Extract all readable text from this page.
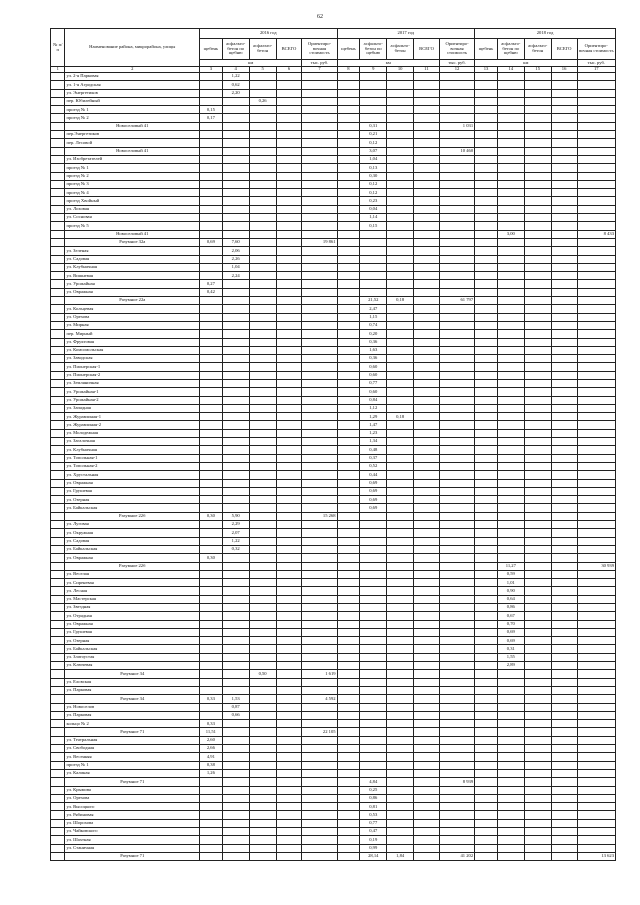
62
№ п/п	Наименование района, микрорайона, улицы	2016 год					2017 год					2018 год				
		щебень	асфальто-бетон по щебню	асфальто-бетон	ВСЕГО	Ориентиро-вочная стоимость	щебень	асфальто-бетон по щебню	асфальто-бетон	ВСЕГО	Ориентиро-вочная стоимость	щебень	асфальто-бетон по щебню	асфальто-бетон	ВСЕГО	Ориентиро-вочная стоимость
		км				тыс. руб.	км				тыс. руб.	км				тыс. руб.
1	2	3	4	5	6	7	8	9	10	11	12	13	14	15	16	17
	ул. 2-я Парковая		1,22													
	ул. 1-я Агродская		0,62													
	ул. Энергетиков		2,20													
	пер. Юбилейный			0,26												
	проезд № 1	0,15														
	проезд № 2	0,17														
	Новоселовый 41							0,31			1 031					
	пер.Энергетиков							0,21								
	пер. Лесовой							0,12								
	Новоселовый 41							3,07			10 460					
	ул. Изобретателей							1,04								
	проезд № 1							0,13								
	проезд № 2							0,30								
	проезд № 3							0,12								
	проезд № 4							0,12								
	проезд Хвойный							0,23								
	ул. Лоховая							0,04								
	ул. Сосновая							1,14								
	проезд № 5							0,15								
	Новоселовый 41												3,00			8 433
	Разумное 32а	0,69	7,60			19 861										
	ул. Зеленая		2,06													
	ул. Садовая		2,26													
	ул. Клубничная		1,04													
	ул. Вишневая		2,24													
	ул. Урожайная	0,27														
	ул. Овражная	0,42														
	Разумное 22а							21,52	0,18		61 797					
	ул. Кольцевая							2,47								
	ул. Орехова							1,15								
	ул. Мирная							0,74								
	пер. Мирный							0,20								
	ул. Фруктовая							0,36								
	ул. Комсомольская							1,63								
	ул. Заводская							0,36								
	ул. Пионерская-1							0,60								
	ул. Пионерская-2							0,60								
	ул. Земляничная							0,77								
	ул. Урожайная-1							0,60								
	ул. Урожайная-2							0,84								
	ул. Западная							1,12								
	ул. Журавлиная-1							1,29	0,18							
	ул. Журавлиная-2							1,47								
	ул. Молодежная							1,23								
	ул. Загалочная							1,34								
	ул. Клубничная							0,48								
	ул. Топольная-1							0,37								
	ул. Топольная-2							0,52								
	ул. Хрустальная							0,44								
	ул. Овражная							0,69								
	ул. Грушевая							0,69								
	ул. Озерная							0,69								
	ул. Байкальская							0,69								
	Разумное 22б	0,30	5,90			15 268										
	ул. Луговая		2,29													
	ул. Окружная		2,07													
	ул. Садовая		1,22													
	ул. Байкальская		0,32													
	ул. Овражная	0,30														
	Разумное 22б												11,27			30 939
	ул. Веселая												0,59			
	ул. Сиреневая												1,01			
	ул. Лесная												0,90			
	ул. Мастерская												0,64			
	ул. Звездная												0,86			
	ул. Отрадная												0,67			
	ул. Овражная												0,70			
	ул. Грушевая												0,69			
	ул. Озерная												0,69			
	ул. Байкальская												0,31			
	ул. Златоустая												1,55			
	ул. Ключевая												2,89			
	Разумное 34			0,50		1 619										
	ул. Еловская															
	ул. Парковая															
	Разумное 34	0,33	1,53			4 592										
	ул. Новоселов		0,87													
	ул. Парковая		0,66													
	кольцо № 2	0,33														
	Разумное 71	11,51				22 105										
	ул. Театральная	2,60														
	ул. Свободная	2,66														
	ул. Весенняя	4,91														
	проезд № 1	0,38														
	ул. Калиная	1,26														
	Разумное 71							4,84			8 939					
	ул. Крымова							0,25								
	ул. Орехова							0,86								
	ул. Высоцкого							0,81								
	ул. Рябиновая							0,53								
	ул. Шорохова							0,77								
	ул. Чайковского							0,47								
	ул. Шахтная							0,19								
	ул. Станичная							0,99								
	Разумное 71							28,14	1,84		41 202					13 623
